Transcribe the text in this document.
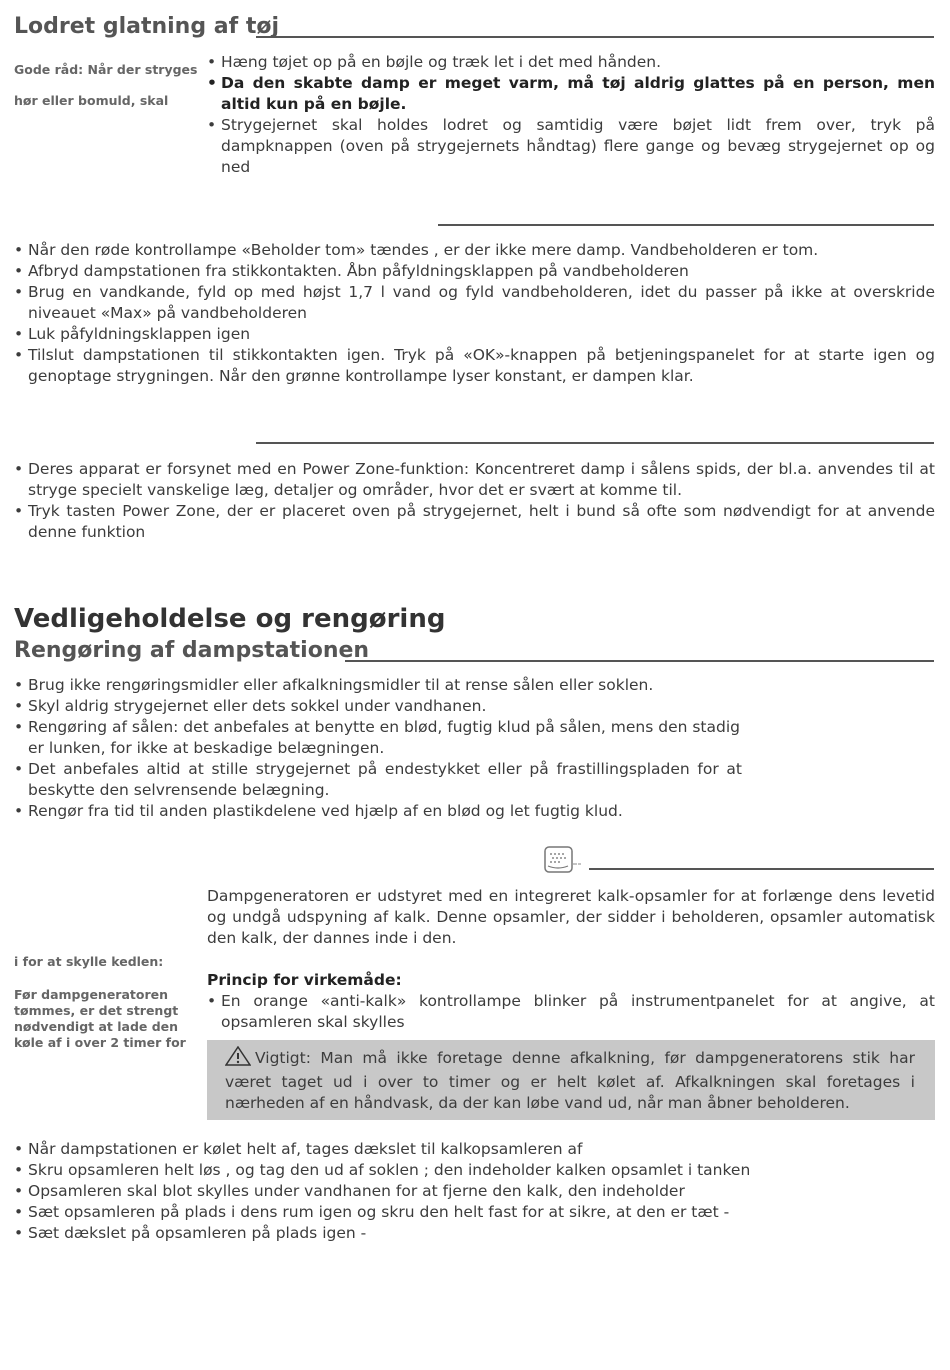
Lodret glatning af tøj
Gode råd: Når der stryges
hør eller bomuld, skal
• Hæng tøjet op på en bøjle og træk let i det med hånden.
• Da den skabte damp er meget varm, må tøj aldrig glattes på en person, men altid kun på en bøjle.
• Strygejernet skal holdes lodret og samtidig være bøjet lidt frem over, tryk på dampknappen (oven på strygejernets håndtag) flere gange og bevæg strygejernet op og ned
• Når den røde kontrollampe «Beholder tom» tændes , er der ikke mere damp. Vandbeholderen er tom.
• Afbryd dampstationen fra stikkontakten. Åbn påfyldningsklappen på vandbeholderen
• Brug en vandkande, fyld op med højst 1,7 l vand og fyld vandbeholderen, idet du passer på ikke at overskride niveauet «Max» på vandbeholderen
• Luk påfyldningsklappen igen
• Tilslut dampstationen til stikkontakten igen. Tryk på «OK»-knappen på betjeningspanelet for at starte igen og genoptage strygningen. Når den grønne kontrollampe lyser konstant, er dampen klar.
• Deres apparat er forsynet med en Power Zone-funktion: Koncentreret damp i sålens spids, der bl.a. anvendes til at stryge specielt vanskelige læg, detaljer og områder, hvor det er svært at komme til.
• Tryk tasten Power Zone, der er placeret oven på strygejernet, helt i bund så ofte som nødvendigt for at anvende denne funktion
Vedligeholdelse og rengøring
Rengøring af dampstationen
• Brug ikke rengøringsmidler eller afkalkningsmidler til at rense sålen eller soklen.
• Skyl aldrig strygejernet eller dets sokkel under vandhanen.
• Rengøring af sålen: det anbefales at benytte en blød, fugtig klud på sålen, mens den stadig er lunken, for ikke at beskadige belægningen.
• Det anbefales altid at stille strygejernet på endestykket eller på frastillingspladen for at beskytte den selvrensende belægning.
• Rengør fra tid til anden plastikdelene ved hjælp af en blød og let fugtig klud.
i for at skylle kedlen:
Før dampgeneratoren tømmes, er det strengt nødvendigt at lade den køle af i over 2 timer for
Dampgeneratoren er udstyret med en integreret kalk-opsamler for at forlænge dens levetid og undgå udspyning af kalk. Denne opsamler, der sidder i beholderen, opsamler automatisk den kalk, der dannes inde i den.
Princip for virkemåde:
• En orange «anti-kalk» kontrollampe blinker på instrumentpanelet for at angive, at opsamleren skal skylles
Vigtigt: Man må ikke foretage denne afkalkning, før dampgeneratorens stik har været taget ud i over to timer og er helt kølet af. Afkalkningen skal foretages i nærheden af en håndvask, da der kan løbe vand ud, når man åbner beholderen.
• Når dampstationen er kølet helt af, tages dækslet til kalkopsamleren af
• Skru opsamleren helt løs , og tag den ud af soklen ; den indeholder kalken opsamlet i tanken
• Opsamleren skal blot skylles under vandhanen for at fjerne den kalk, den indeholder
• Sæt opsamleren på plads i dens rum igen og skru den helt fast for at sikre, at den er tæt -
• Sæt dækslet på opsamleren på plads igen -
